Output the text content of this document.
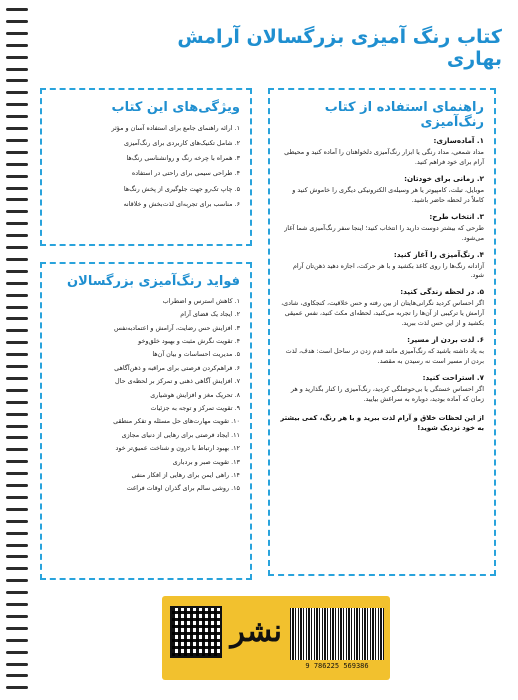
کتاب رنگ آمیزی بزرگسالان آرامش بهاری
راهنمای استفاده از کتاب رنگ‌آمیزی

۱. آماده‌سازی:

مداد شمعی، مداد رنگی یا ابزار رنگ‌آمیزی دلخواهتان را آماده کنید و محیطی آرام برای خود فراهم کنید.

۲. زمانی برای خودتان:

موبایل، تبلت، کامپیوتر یا هر وسیله‌ی الکترونیکی دیگری را خاموش کنید و کاملاً در لحظه حاضر باشید.

۳. انتخاب طرح:

طرحی که بیشتر دوست دارید را انتخاب کنید؛ اینجا سفر رنگ‌آمیزی شما آغاز می‌شود.

۴. رنگ‌آمیزی را آغاز کنید:

آزادانه رنگ‌ها را روی کاغذ بکشید و با هر حرکت، اجازه دهید ذهن‌تان آرام شود.

۵. در لحظه زندگی کنید:

اگر احساس کردید نگرانی‌هایتان از بین رفته و حس خلاقیت، کنجکاوی، شادی، آرامش یا ترکیبی از آن‌ها را تجربه می‌کنید، لحظه‌ای مکث کنید، نفس عمیقی بکشید و از این حس لذت ببرید.

۶. لذت بردن از مسیر:

به یاد داشته باشید که رنگ‌آمیزی مانند قدم زدن در ساحل است: هدف، لذت بردن از مسیر است نه رسیدن به مقصد.

۷. استراحت کنید:

اگر احساس خستگی یا بی‌حوصلگی کردید، رنگ‌آمیزی را کنار بگذارید و هر زمان که آماده بودید، دوباره به سراغش بیایید.

از این لحظات خلاق و آرام لذت ببرید و با هر رنگ، کمی بیشتر به خود نزدیک شوید!
ویژگی‌های این کتاب
۱. ارائه راهنمای جامع برای استفاده آسان و مؤثر
۲. شامل تکنیک‌های کاربردی برای رنگ‌آمیزی
۳. همراه با چرخه رنگ و روانشناسی رنگ‌ها
۴. طراحی سیمی برای راحتی در استفاده
۵. چاپ تک‌رو جهت جلوگیری از پخش رنگ‌ها
۶. مناسب برای تجربه‌ای لذت‌بخش و خلاقانه
فواید رنگ‌آمیزی بزرگسالان
۱. کاهش استرس و اضطراب
۲. ایجاد یک فضای آرام
۳. افزایش حس رضایت، آرامش و اعتماد‌به‌نفس
۴. تقویت نگرش مثبت و بهبود خلق‌وخو
۵. مدیریت احساسات و بیان آن‌ها
۶. فراهم‌کردن فرصتی برای مراقبه و ذهن‌آگاهی
۷. افزایش آگاهی ذهنی و تمرکز بر لحظه‌ی حال
۸. تحریک مغز و افزایش هوشیاری
۹. تقویت تمرکز و توجه به جزئیات
۱۰. تقویت مهارت‌های حل مسئله و تفکر منطقی
۱۱. ایجاد فرصتی برای رهایی از دنیای مجازی
۱۲. بهبود ارتباط با درون و شناخت عمیق‌تر خود
۱۳. تقویت صبر و بردباری
۱۴. راهی ایمن برای رهایی از افکار منفی
۱۵. روشی سالم برای گذران اوقات فراغت
نشر
9 786225 569386
